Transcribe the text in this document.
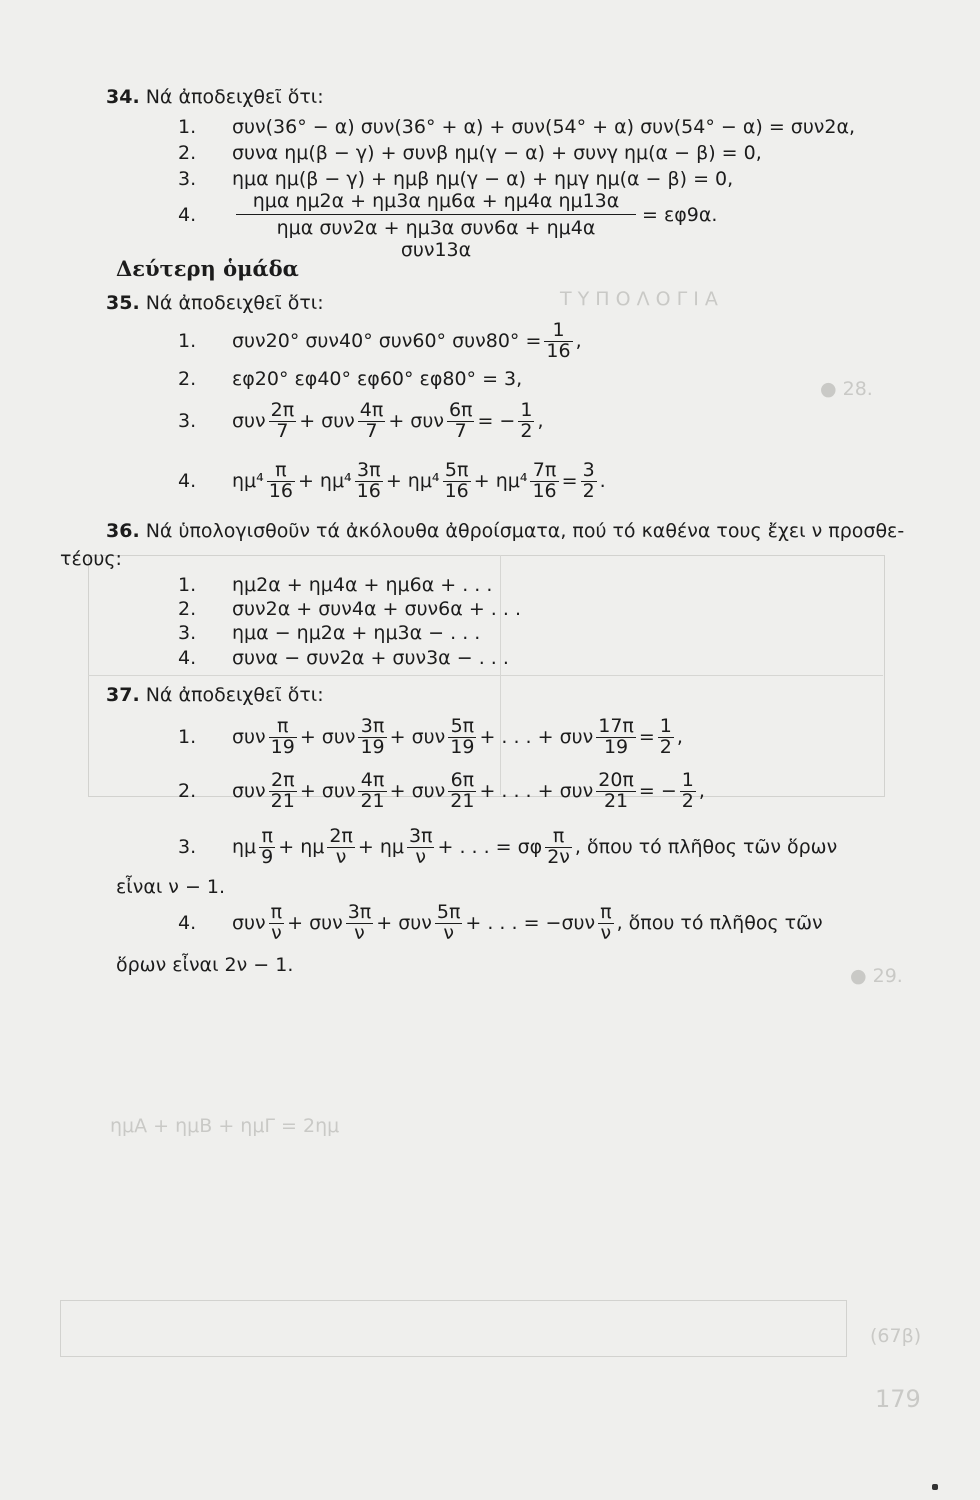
Τ Υ Π Ο Λ Ο Γ Ι Α
● 28.
● 29.
ημΑ + ημΒ + ημΓ = 2ημ
(67β)
179
34. Νά ἀποδειχθεῖ ὅτι:
1. συν(36° − α) συν(36° + α) + συν(54° + α) συν(54° − α) = συν2α,
2. συνα ημ(β − γ) + συνβ ημ(γ − α) + συνγ ημ(α − β) = 0,
3. ημα ημ(β − γ) + ημβ ημ(γ − α) + ημγ ημ(α − β) = 0,
4.
ημα ημ2α + ημ3α ημ6α + ημ4α ημ13α
ημα συν2α + ημ3α συν6α + ημ4α συν13α
= εφ9α.
Δεύτερη ὁμάδα
35. Νά ἀποδειχθεῖ ὅτι:
1. συν20° συν40° συν60° $\sigma\upsilon\nu 80^\circ = \frac{1}{16}$ ,
2. εφ20° εφ40° εφ60° εφ80° = 3,
3. συν $\frac{2\pi}{7} + \sigma\upsilon\nu \frac{4\pi}{7} + \sigma\upsilon\nu \frac{6\pi}{7}$ = − $\frac{1}{2}$ ,
4. $\eta\mu^4 \frac{\pi}{16} + \eta\mu^4 \frac{3\pi}{16} + \eta\mu^4 \frac{5\pi}{16} + \eta\mu^4 \frac{7\pi}{16} = \frac{3}{2}$ .
36. Νά ὑπολογισθοῦν τά ἀκόλουθα ἀθροίσματα, πού τό καθένα τους ἔχει ν προσθε-
τέους:
1. ημ2α + ημ4α + ημ6α + . . .
2. συν2α + συν4α + συν6α + . . .
3. ημα − ημ2α + ημ3α − . . .
4. συνα − συν2α + συν3α − . . .
37. Νά ἀποδειχθεῖ ὅτι:
1. συν $\frac{\pi}{19} + \sigma\upsilon\nu \frac{3\pi}{19} + \sigma\upsilon\nu \frac{5\pi}{19}$ + . . . + συν $\frac{17\pi}{19} = \frac{1}{2}$ ,
2. συν $\frac{2\pi}{21} + \sigma\upsilon\nu \frac{4\pi}{21} + \sigma\upsilon\nu \frac{6\pi}{21}$ + . . . + συν $\frac{20\pi}{21}$ = − $\frac{1}{2}$ ,
3. ημ $\frac{\pi}{9} + \eta\mu \frac{2\pi}{\nu} + \eta\mu \frac{3\pi}{\nu}$ + . . . = σφ $\frac{\pi}{2\nu}$ , ὅπου τό πλῆθος τῶν ὅρων
εἶναι ν − 1.
4. συν $\frac{\pi}{\nu} + \sigma\upsilon\nu \frac{3\pi}{\nu} + \sigma\upsilon\nu \frac{5\pi}{\nu}$ + . . . = $-\sigma\upsilon\nu \frac{\pi}{\nu}$ , ὅπου τό πλῆθος τῶν
ὅρων εἶναι 2ν − 1.
